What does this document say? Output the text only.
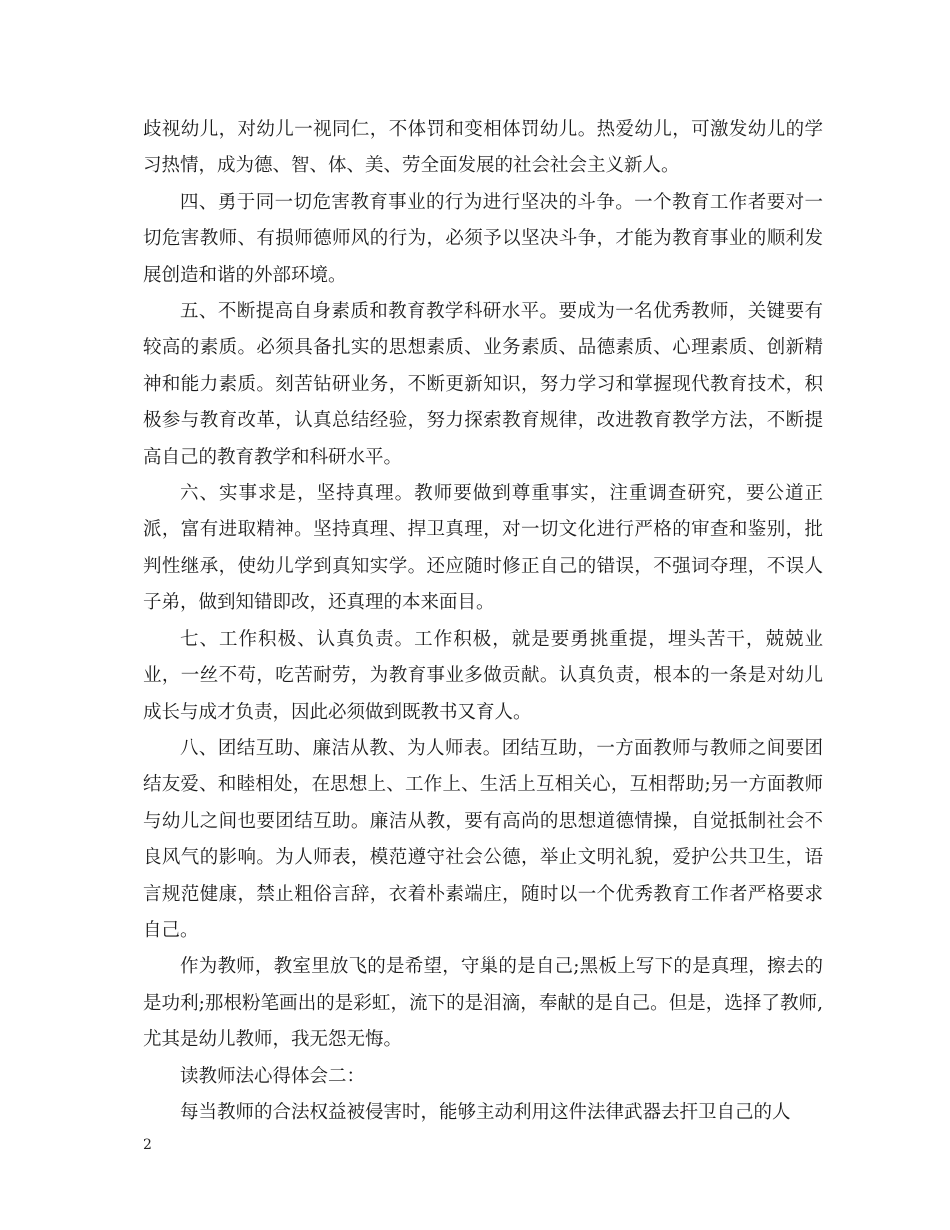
歧视幼儿，对幼儿一视同仁，不体罚和变相体罚幼儿。热爱幼儿，可激发幼儿的学习热情，成为德、智、体、美、劳全面发展的社会社会主义新人。

四、勇于同一切危害教育事业的行为进行坚决的斗争。一个教育工作者要对一切危害教师、有损师德师风的行为，必须予以坚决斗争，才能为教育事业的顺利发展创造和谐的外部环境。

五、不断提高自身素质和教育教学科研水平。要成为一名优秀教师，关键要有较高的素质。必须具备扎实的思想素质、业务素质、品德素质、心理素质、创新精神和能力素质。刻苦钻研业务，不断更新知识，努力学习和掌握现代教育技术，积极参与教育改革，认真总结经验，努力探索教育规律，改进教育教学方法，不断提高自己的教育教学和科研水平。

六、实事求是，坚持真理。教师要做到尊重事实，注重调查研究，要公道正派，富有进取精神。坚持真理、捍卫真理，对一切文化进行严格的审查和鉴别，批判性继承，使幼儿学到真知实学。还应随时修正自己的错误，不强词夺理，不误人子弟，做到知错即改，还真理的本来面目。

七、工作积极、认真负责。工作积极，就是要勇挑重提，埋头苦干，兢兢业业，一丝不苟，吃苦耐劳，为教育事业多做贡献。认真负责，根本的一条是对幼儿成长与成才负责，因此必须做到既教书又育人。

八、团结互助、廉洁从教、为人师表。团结互助，一方面教师与教师之间要团结友爱、和睦相处，在思想上、工作上、生活上互相关心，互相帮助;另一方面教师与幼儿之间也要团结互助。廉洁从教，要有高尚的思想道德情操，自觉抵制社会不良风气的影响。为人师表，模范遵守社会公德，举止文明礼貌，爱护公共卫生，语言规范健康，禁止粗俗言辞，衣着朴素端庄，随时以一个优秀教育工作者严格要求自己。

作为教师，教室里放飞的是希望，守巢的是自己;黑板上写下的是真理，擦去的是功利;那根粉笔画出的是彩虹，流下的是泪滴，奉献的是自己。但是，选择了教师,尤其是幼儿教师，我无怨无悔。

读教师法心得体会二：

每当教师的合法权益被侵害时，能够主动利用这件法律武器去扞卫自己的人

2
